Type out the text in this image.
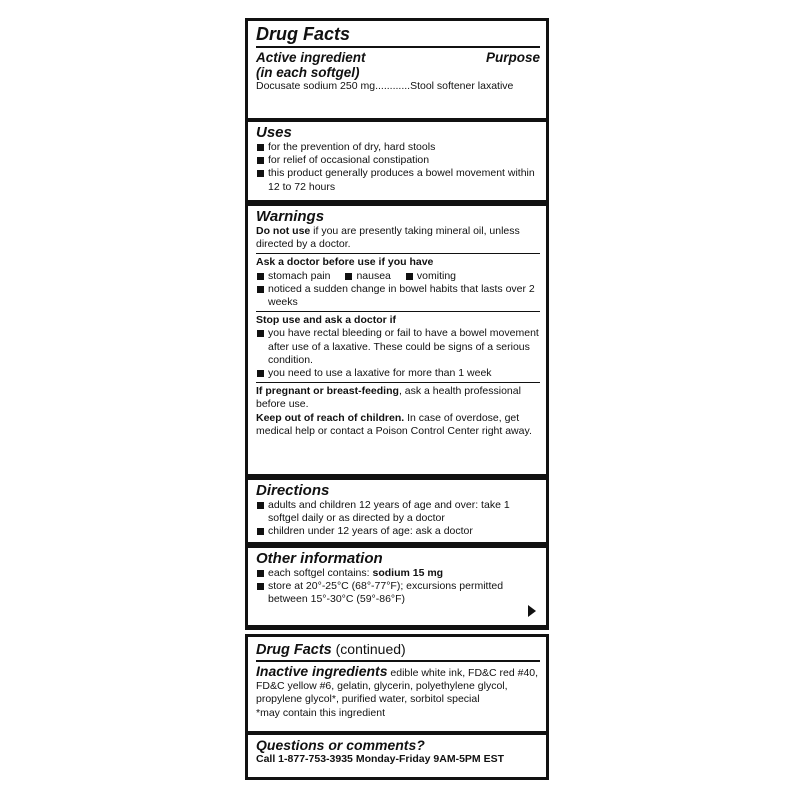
Drug Facts
Active ingredient	Purpose
(in each softgel)
Docusate sodium 250 mg............Stool softener laxative
Uses
for the prevention of dry, hard stools
for relief of occasional constipation
this product generally produces a bowel movement within 12 to 72 hours
Warnings
Do not use if you are presently taking mineral oil, unless directed by a doctor.
Ask a doctor before use if you have
stomach pain	nausea	vomiting
noticed a sudden change in bowel habits that lasts over 2 weeks
Stop use and ask a doctor if
you have rectal bleeding or fail to have a bowel movement after use of a laxative. These could be signs of a serious condition.
you need to use a laxative for more than 1 week
If pregnant or breast-feeding, ask a health professional before use.
Keep out of reach of children. In case of overdose, get medical help or contact a Poison Control Center right away.
Directions
adults and children 12 years of age and over: take 1 softgel daily or as directed by a doctor
children under 12 years of age: ask a doctor
Other information
each softgel contains: sodium 15 mg
store at 20°-25°C (68°-77°F); excursions permitted between 15°-30°C (59°-86°F)
Drug Facts (continued)
Inactive ingredients edible white ink, FD&C red #40, FD&C yellow #6, gelatin, glycerin, polyethylene glycol, propylene glycol*, purified water, sorbitol special
*may contain this ingredient
Questions or comments?
Call 1-877-753-3935 Monday-Friday 9AM-5PM EST
